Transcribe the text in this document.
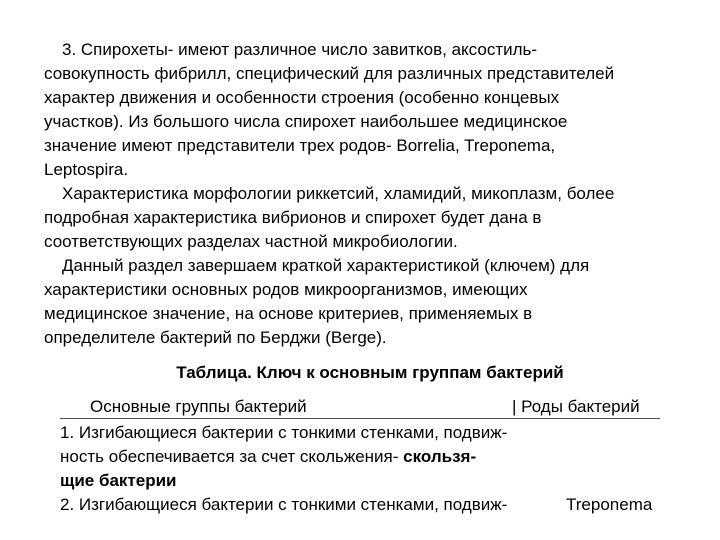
3. Спирохеты- имеют различное число завитков, аксостиль-
совокупность фибрилл, специфический для различных представителей
характер движения и особенности строения (особенно концевых
участков). Из большого числа спирохет наибольшее медицинское
значение имеют представители трех родов- Borrelia, Treponema,
Leptospira.

Характеристика морфологии риккетсий, хламидий, микоплазм, более
подробная характеристика вибрионов и спирохет будет дана в
соответствующих разделах частной микробиологии.

Данный раздел завершаем краткой характеристикой (ключем) для
характеристики основных родов микроорганизмов, имеющих
медицинское значение, на основе критериев, применяемых в
определителе бактерий по Берджи (Berge).

Таблица. Ключ к основным группам бактерий

Основные группы бактерий	| Роды бактерий
1. Изгибающиеся бактерии с тонкими стенками, подвиж-
ность обеспечивается за счет скольжения- скользя-
щие бактерии
2. Изгибающиеся бактерии с тонкими стенками, подвиж-	Treponema
